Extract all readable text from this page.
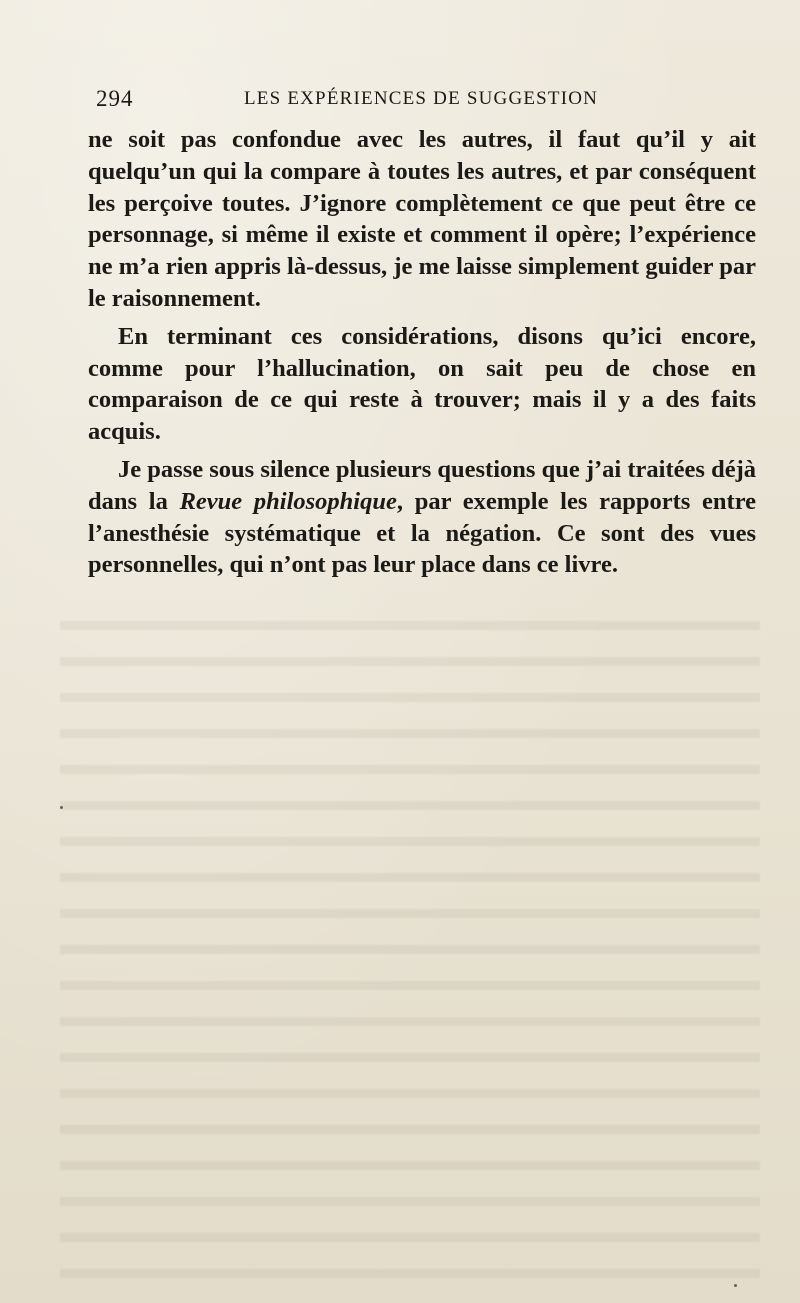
294	LES EXPÉRIENCES DE SUGGESTION

ne soit pas confondue avec les autres, il faut qu’il y ait quelqu’un qui la compare à toutes les autres, et par conséquent les perçoive toutes. J’ignore complètement ce que peut être ce personnage, si même il existe et comment il opère; l’expérience ne m’a rien appris là-dessus, je me laisse simplement guider par le raisonnement.

En terminant ces considérations, disons qu’ici encore, comme pour l’hallucination, on sait peu de chose en comparaison de ce qui reste à trouver; mais il y a des faits acquis.

Je passe sous silence plusieurs questions que j’ai traitées déjà dans la Revue philosophique, par exemple les rapports entre l’anesthésie systématique et la négation. Ce sont des vues personnelles, qui n’ont pas leur place dans ce livre.
